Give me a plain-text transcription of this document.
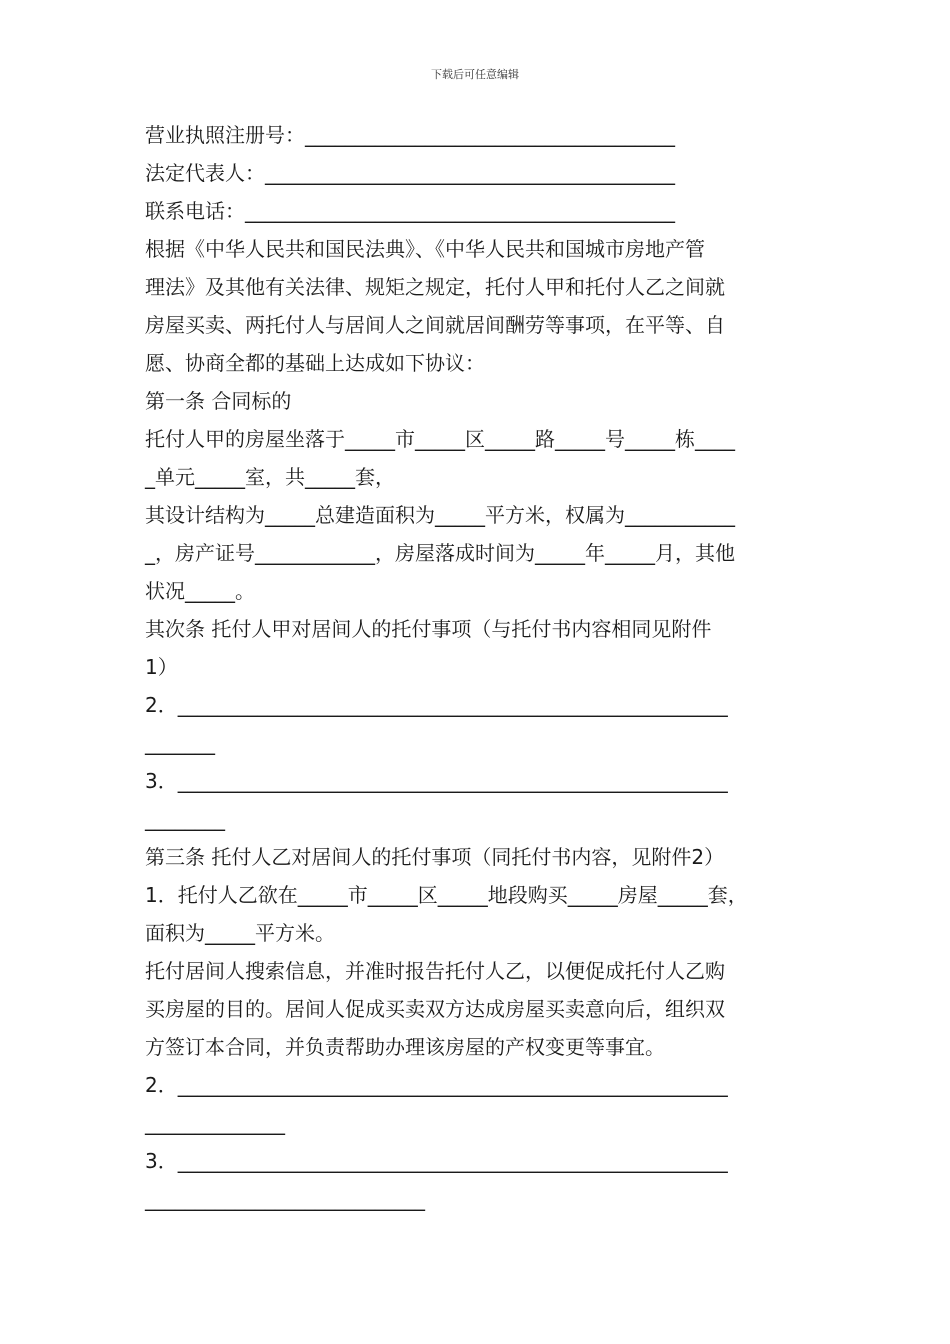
下载后可任意编辑
营业执照注册号：_____________________________________
法定代表人：_________________________________________
联系电话：___________________________________________
根据《中华人民共和国民法典》、《中华人民共和国城市房地产管
理法》及其他有关法律、规矩之规定，托付人甲和托付人乙之间就
房屋买卖、两托付人与居间人之间就居间酬劳等事项，在平等、自
愿、协商全都的基础上达成如下协议：
第一条 合同标的
托付人甲的房屋坐落于_____市_____区_____路_____号_____栋____
_单元_____室，共_____套，
其设计结构为_____总建造面积为_____平方米，权属为___________
_，房产证号____________，房屋落成时间为_____年_____月，其他
状况_____。
其次条 托付人甲对居间人的托付事项（与托付书内容相同见附件
1）
2．_______________________________________________________
_______
3．_______________________________________________________
________
第三条 托付人乙对居间人的托付事项（同托付书内容，见附件2）
1．托付人乙欲在_____市_____区_____地段购买_____房屋_____套，
面积为_____平方米。
托付居间人搜索信息，并准时报告托付人乙，以便促成托付人乙购
买房屋的目的。居间人促成买卖双方达成房屋买卖意向后，组织双
方签订本合同，并负责帮助办理该房屋的产权变更等事宜。
2．_______________________________________________________
______________
3．_______________________________________________________
____________________________
